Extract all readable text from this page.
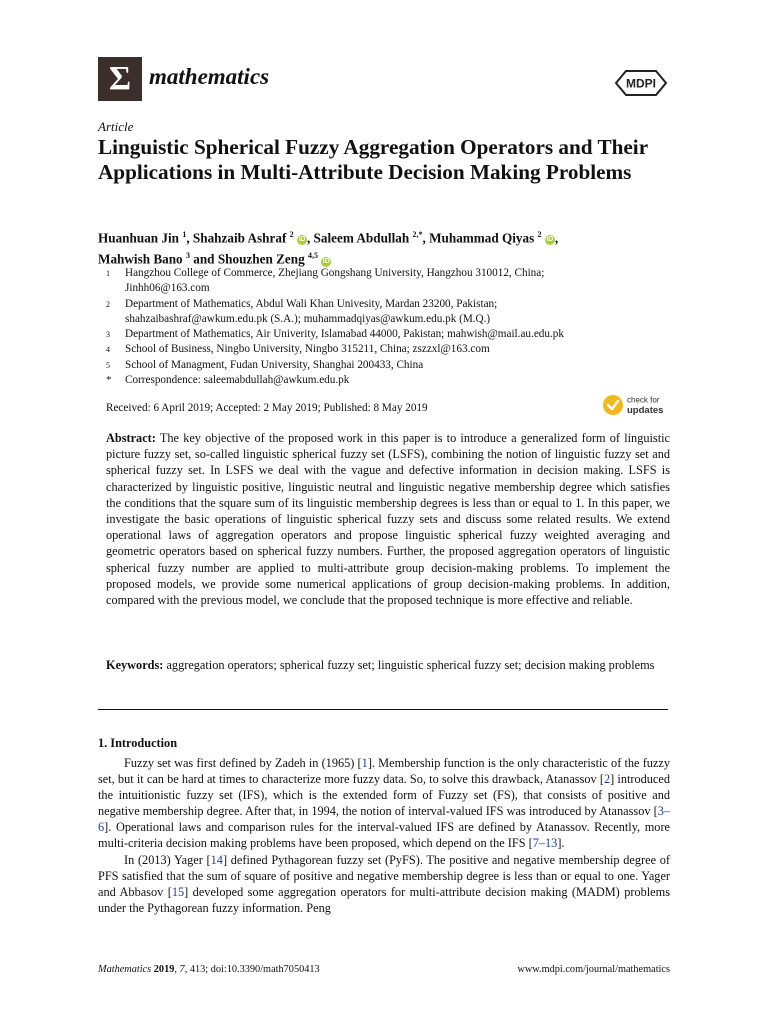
Σ mathematics	MDPI
Article
Linguistic Spherical Fuzzy Aggregation Operators and Their Applications in Multi-Attribute Decision Making Problems
Huanhuan Jin $^1$, Shahzaib Ashraf $^2$ iD , Saleem Abdullah $^{2,*}$, Muhammad Qiyas $^2$ iD ,
Mahwish Bano $^3$ and Shouzhen Zeng $^{4,5}$ iD
1	Hangzhou College of Commerce, Zhejiang Gongshang University, Hangzhou 310012, China;
Jinhh06@163.com
2	Department of Mathematics, Abdul Wali Khan Univesity, Mardan 23200, Pakistan;
shahzaibashraf@awkum.edu.pk (S.A.); muhammadqiyas@awkum.edu.pk (M.Q.)
3	Department of Mathematics, Air Univerity, Islamabad 44000, Pakistan; mahwish@mail.au.edu.pk
4	School of Business, Ningbo University, Ningbo 315211, China; zszzxl@163.com
5	School of Managment, Fudan University, Shanghai 200433, China
*	Correspondence: saleemabdullah@awkum.edu.pk
Received: 6 April 2019; Accepted: 2 May 2019; Published: 8 May 2019
check for
updates
Abstract: The key objective of the proposed work in this paper is to introduce a generalized form of linguistic picture fuzzy set, so-called linguistic spherical fuzzy set (LSFS), combining the notion of linguistic fuzzy set and spherical fuzzy set. In LSFS we deal with the vague and defective information in decision making. LSFS is characterized by linguistic positive, linguistic neutral and linguistic negative membership degree which satisfies the conditions that the square sum of its linguistic membership degrees is less than or equal to 1. In this paper, we investigate the basic operations of linguistic spherical fuzzy sets and discuss some related results. We extend operational laws of aggregation operators and propose linguistic spherical fuzzy weighted averaging and geometric operators based on spherical fuzzy numbers. Further, the proposed aggregation operators of linguistic spherical fuzzy number are applied to multi-attribute group decision-making problems. To implement the proposed models, we provide some numerical applications of group decision-making problems. In addition, compared with the previous model, we conclude that the proposed technique is more effective and reliable.
Keywords: aggregation operators; spherical fuzzy set; linguistic spherical fuzzy set; decision making problems
1. Introduction

Fuzzy set was first defined by Zadeh in (1965) [1]. Membership function is the only characteristic of the fuzzy set, but it can be hard at times to characterize more fuzzy data. So, to solve this drawback, Atanassov [2] introduced the intuitionistic fuzzy set (IFS), which is the extended form of Fuzzy set (FS), that consists of positive and negative membership degree. After that, in 1994, the notion of interval-valued IFS was introduced by Atanassov [3–6]. Operational laws and comparison rules for the interval-valued IFS are defined by Atanassov. Recently, more multi-criteria decision making problems have been proposed, which depend on the IFS [7–13].

In (2013) Yager [14] defined Pythagorean fuzzy set (PyFS). The positive and negative membership degree of PFS satisfied that the sum of square of positive and negative membership degree is less than or equal to one. Yager and Abbasov [15] developed some aggregation operators for multi-attribute decision making (MADM) problems under the Pythagorean fuzzy information. Peng

Mathematics 2019, 7, 413; doi:10.3390/math7050413	www.mdpi.com/journal/mathematics
